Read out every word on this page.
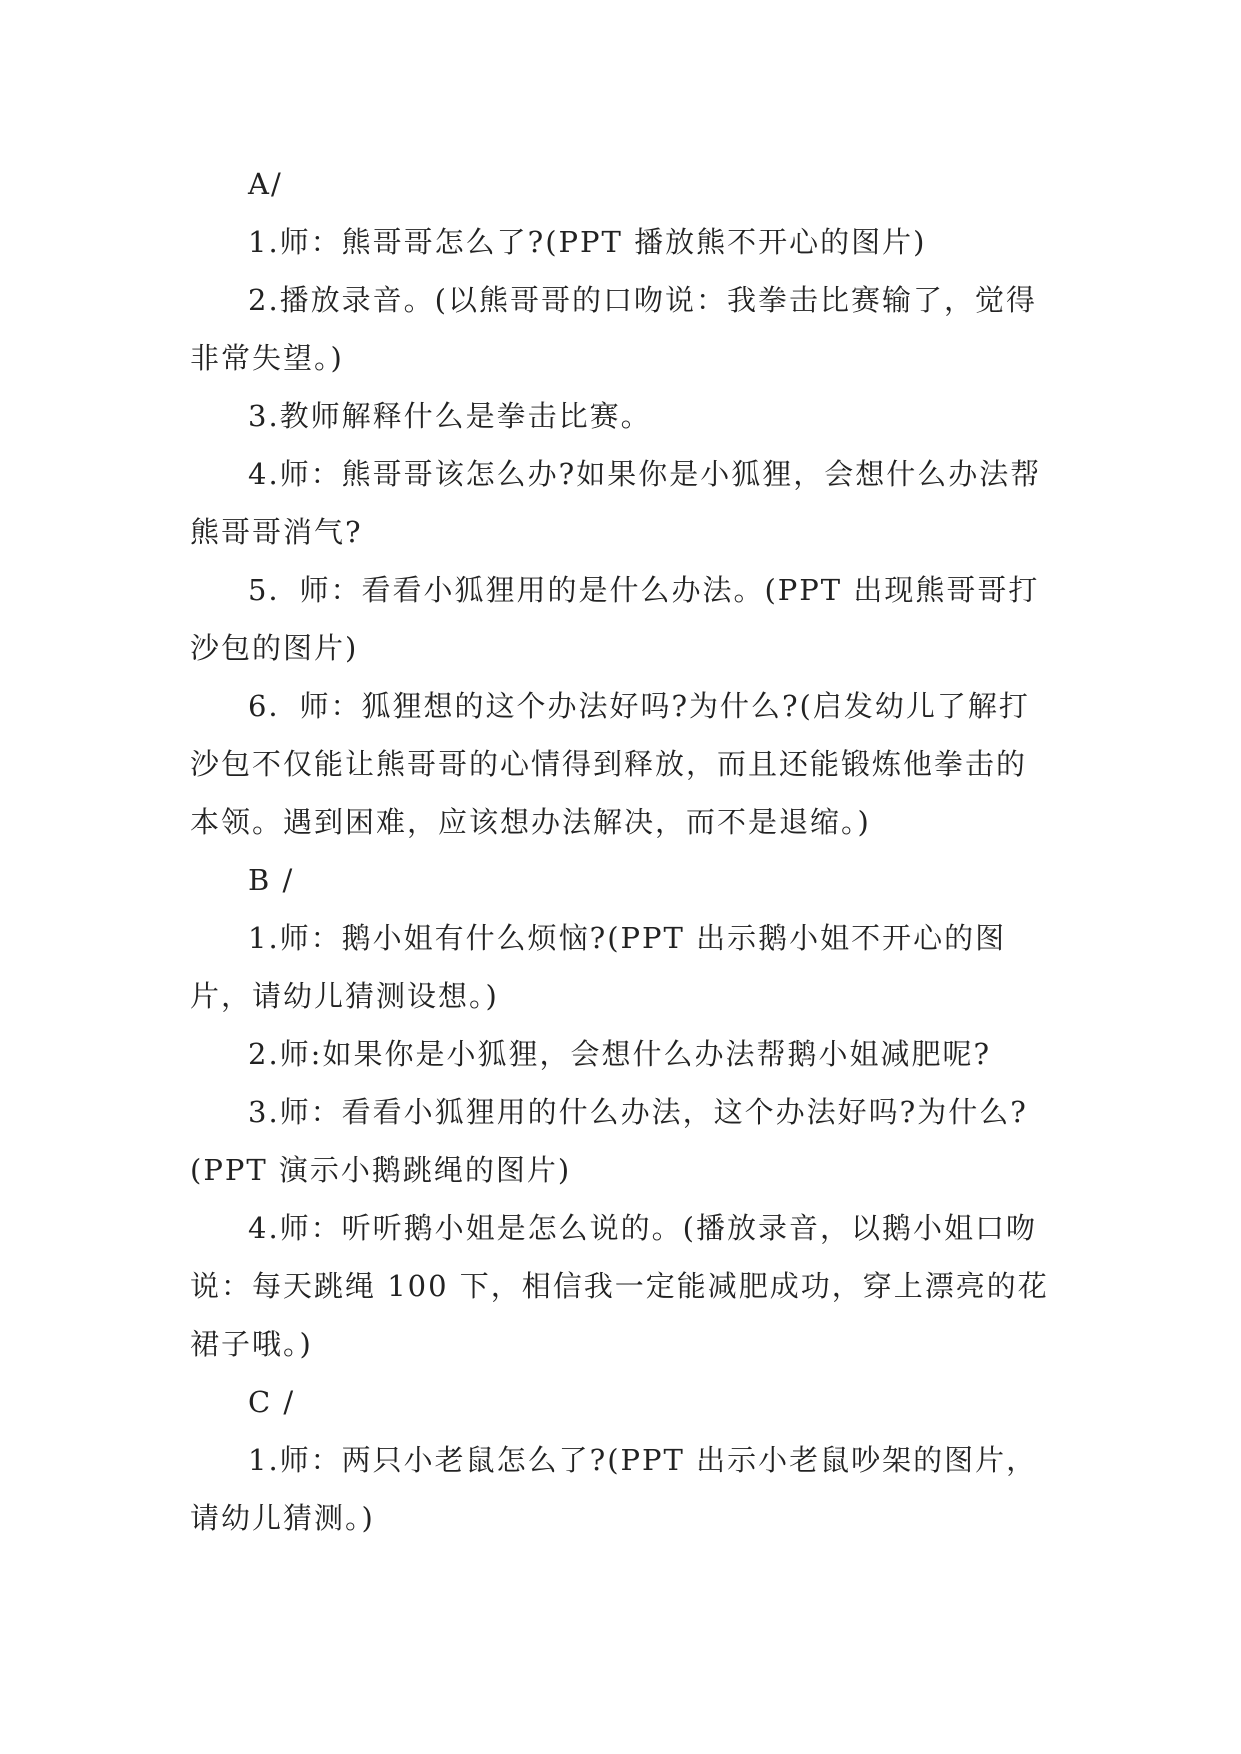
A/

1.师：熊哥哥怎么了?(PPT 播放熊不开心的图片)

2.播放录音。(以熊哥哥的口吻说：我拳击比赛输了，觉得非常失望。)

3.教师解释什么是拳击比赛。

4.师：熊哥哥该怎么办?如果你是小狐狸，会想什么办法帮熊哥哥消气?

5．师：看看小狐狸用的是什么办法。(PPT 出现熊哥哥打沙包的图片)

6．师：狐狸想的这个办法好吗?为什么?(启发幼儿了解打沙包不仅能让熊哥哥的心情得到释放，而且还能锻炼他拳击的本领。遇到困难，应该想办法解决，而不是退缩。)

B /

1.师：鹅小姐有什么烦恼?(PPT 出示鹅小姐不开心的图片，请幼儿猜测设想。)

2.师:如果你是小狐狸，会想什么办法帮鹅小姐减肥呢?

3.师：看看小狐狸用的什么办法，这个办法好吗?为什么?(PPT 演示小鹅跳绳的图片)

4.师：听听鹅小姐是怎么说的。(播放录音，以鹅小姐口吻说：每天跳绳 100 下，相信我一定能减肥成功，穿上漂亮的花裙子哦。)

C /

1.师：两只小老鼠怎么了?(PPT 出示小老鼠吵架的图片，请幼儿猜测。)
